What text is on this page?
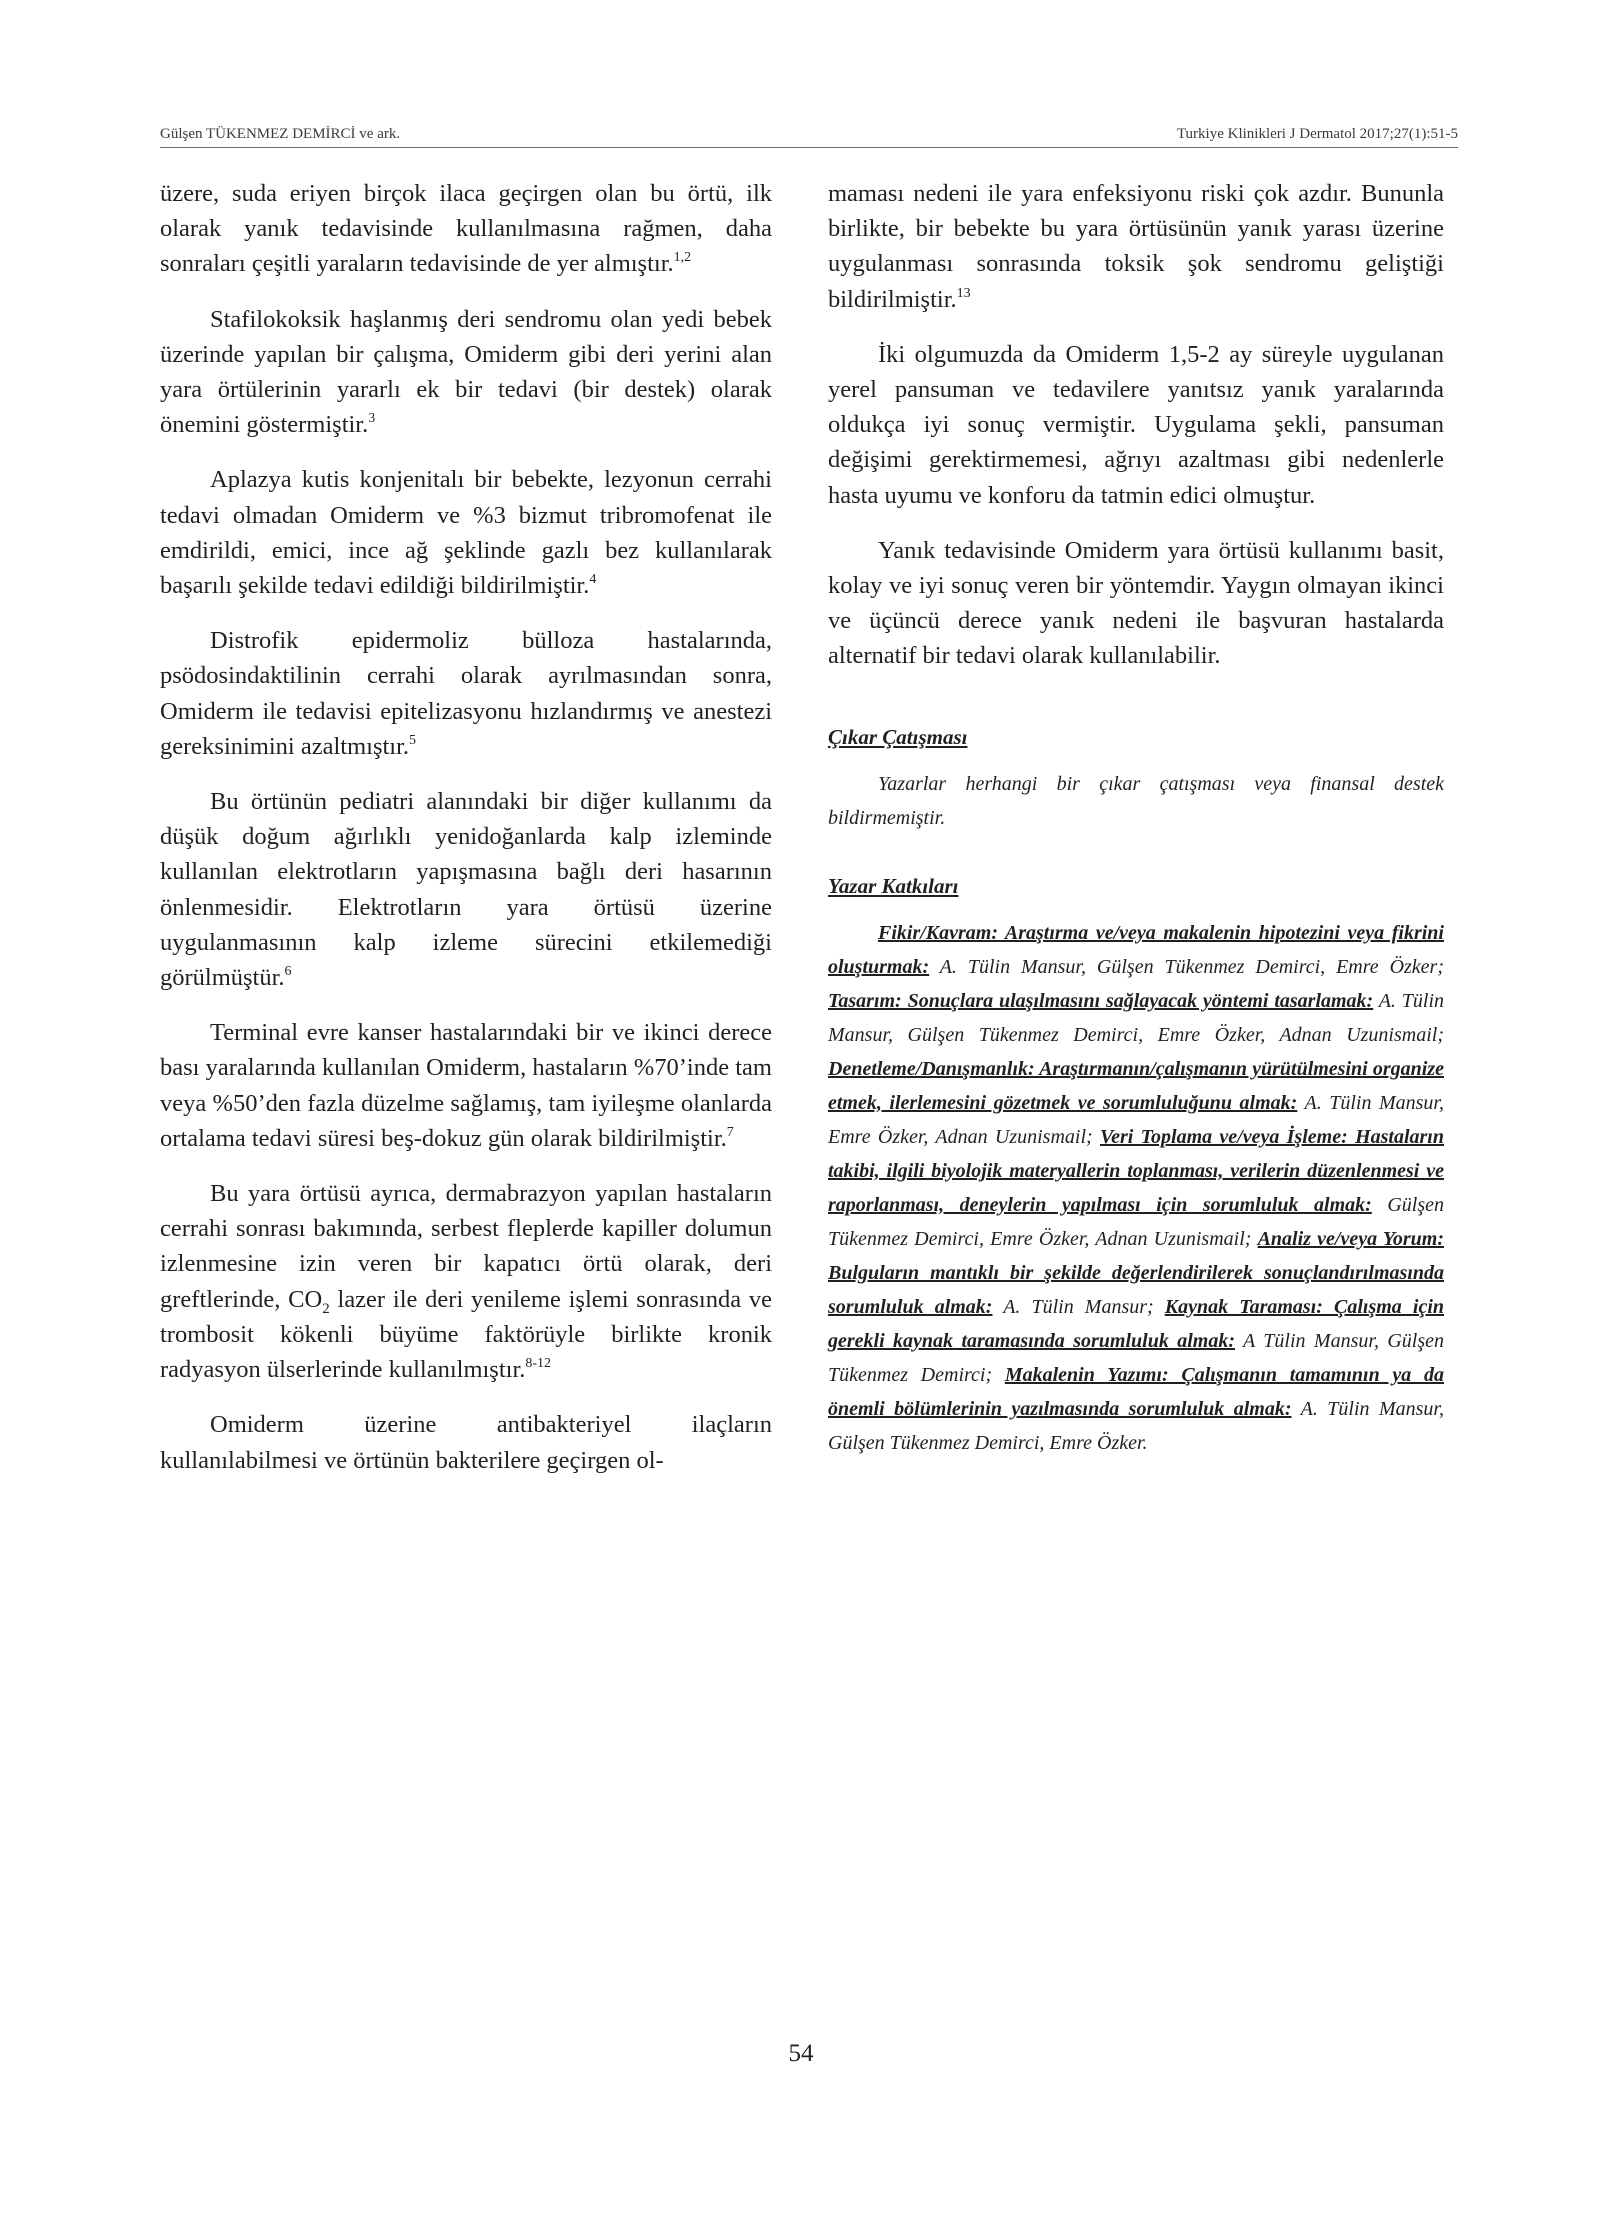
Gülşen TÜKENMEZ DEMİRCİ ve ark.	Turkiye Klinikleri J Dermatol 2017;27(1):51-5

üzere, suda eriyen birçok ilaca geçirgen olan bu örtü, ilk olarak yanık tedavisinde kullanılmasına rağmen, daha sonraları çeşitli yaraların tedavisinde de yer almıştır.$^{1,2}$

Stafilokoksik haşlanmış deri sendromu olan yedi bebek üzerinde yapılan bir çalışma, Omiderm gibi deri yerini alan yara örtülerinin yararlı ek bir tedavi (bir destek) olarak önemini göstermiştir.$^3$

Aplazya kutis konjenitalı bir bebekte, lezyonun cerrahi tedavi olmadan Omiderm ve %3 bizmut tribromofenat ile emdirildi, emici, ince ağ şeklinde gazlı bez kullanılarak başarılı şekilde tedavi edildiği bildirilmiştir.$^4$

Distrofik epidermoliz bülloza hastalarında, psödosindaktilinin cerrahi olarak ayrılmasından sonra, Omiderm ile tedavisi epitelizasyonu hızlandırmış ve anestezi gereksinimini azaltmıştır.$^5$

Bu örtünün pediatri alanındaki bir diğer kullanımı da düşük doğum ağırlıklı yenidoğanlarda kalp izleminde kullanılan elektrotların yapışmasına bağlı deri hasarının önlenmesidir. Elektrotların yara örtüsü üzerine uygulanmasının kalp izleme sürecini etkilemediği görülmüştür.$^6$

Terminal evre kanser hastalarındaki bir ve ikinci derece bası yaralarında kullanılan Omiderm, hastaların %70’inde tam veya %50’den fazla düzelme sağlamış, tam iyileşme olanlarda ortalama tedavi süresi beş-dokuz gün olarak bildirilmiştir.$^7$

Bu yara örtüsü ayrıca, dermabrazyon yapılan hastaların cerrahi sonrası bakımında, serbest fleplerde kapiller dolumun izlenmesine izin veren bir kapatıcı örtü olarak, deri greftlerinde, $CO_2$ lazer ile deri yenileme işlemi sonrasında ve trombosit kökenli büyüme faktörüyle birlikte kronik radyasyon ülserlerinde kullanılmıştır.$^{8-12}$

Omiderm üzerine antibakteriyel ilaçların kullanılabilmesi ve örtünün bakterilere geçirgen ol-

maması nedeni ile yara enfeksiyonu riski çok azdır. Bununla birlikte, bir bebekte bu yara örtüsünün yanık yarası üzerine uygulanması sonrasında toksik şok sendromu geliştiği bildirilmiştir.$^{13}$

İki olgumuzda da Omiderm 1,5-2 ay süreyle uygulanan yerel pansuman ve tedavilere yanıtsız yanık yaralarında oldukça iyi sonuç vermiştir. Uygulama şekli, pansuman değişimi gerektirmemesi, ağrıyı azaltması gibi nedenlerle hasta uyumu ve konforu da tatmin edici olmuştur.

Yanık tedavisinde Omiderm yara örtüsü kullanımı basit, kolay ve iyi sonuç veren bir yöntemdir. Yaygın olmayan ikinci ve üçüncü derece yanık nedeni ile başvuran hastalarda alternatif bir tedavi olarak kullanılabilir.

Çıkar Çatışması

Yazarlar herhangi bir çıkar çatışması veya finansal destek bildirmemiştir.

Yazar Katkıları

Fikir/Kavram: Araştırma ve/veya makalenin hipotezini veya fikrini oluşturmak: A. Tülin Mansur, Gülşen Tükenmez Demirci, Emre Özker; Tasarım: Sonuçlara ulaşılmasını sağlayacak yöntemi tasarlamak: A. Tülin Mansur, Gülşen Tükenmez Demirci, Emre Özker, Adnan Uzunismail; Denetleme/Danışmanlık: Araştırmanın/çalışmanın yürütülmesini organize etmek, ilerlemesini gözetmek ve sorumluluğunu almak: A. Tülin Mansur, Emre Özker, Adnan Uzunismail; Veri Toplama ve/veya İşleme: Hastaların takibi, ilgili biyolojik materyallerin toplanması, verilerin düzenlenmesi ve raporlanması, deneylerin yapılması için sorumluluk almak: Gülşen Tükenmez Demirci, Emre Özker, Adnan Uzunismail; Analiz ve/veya Yorum: Bulguların mantıklı bir şekilde değerlendirilerek sonuçlandırılmasında sorumluluk almak: A. Tülin Mansur; Kaynak Taraması: Çalışma için gerekli kaynak taramasında sorumluluk almak: A Tülin Mansur, Gülşen Tükenmez Demirci; Makalenin Yazımı: Çalışmanın tamamının ya da önemli bölümlerinin yazılmasında sorumluluk almak: A. Tülin Mansur, Gülşen Tükenmez Demirci, Emre Özker.

54
